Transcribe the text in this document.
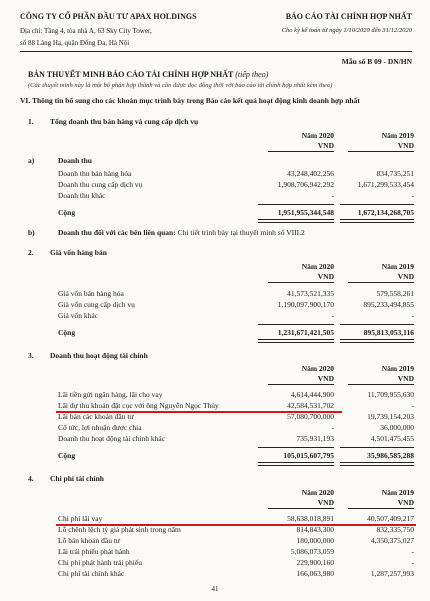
CÔNG TY CỔ PHẦN ĐẦU TƯ APAX HOLDINGS
Địa chỉ: Tầng 4, tòa nhà A, 63 Sky City Tower,
số 88 Láng Hạ, quận Đống Đa, Hà Nội
BÁO CÁO TÀI CHÍNH HỢP NHẤT
Cho kỳ kế toán từ ngày 1/10/2020 đến 31/12/2020
Mẫu số B 09 - DN/HN
BẢN THUYẾT MINH BÁO CÁO TÀI CHÍNH HỢP NHẤT (tiếp theo)
(Các thuyết minh này là một bộ phận hợp thành và cần được đọc đồng thời với báo cáo tài chính hợp nhất kèm theo)
VI. Thông tin bổ sung cho các khoản mục trình bày trong Báo cáo kết quả hoạt động kinh doanh hợp nhất
1. Tổng doanh thu bán hàng và cung cấp dịch vụ
Năm 2020	Năm 2019
VND	VND
a)	Doanh thu
Doanh thu bán hàng hóa	43,248,402,256	834,735,251
Doanh thu cung cấp dịch vụ	1,908,706,942,292	1,671,299,533,454
Doanh thu khác	-	-
Cộng	1,951,955,344,548	1,672,134,268,705
b)	Doanh thu đối với các bên liên quan: Chi tiết trình bày tại thuyết minh số VIII.2
2. Giá vốn hàng bán
Năm 2020	Năm 2019
VND	VND
Giá vốn bán hàng hóa	41,573,521,335	579,558,261
Giá vốn cung cấp dịch vụ	1,190,097,900,170	895,233,494,855
Giá vốn khác	-	-
Cộng	1,231,671,421,505	895,813,053,116
3. Doanh thu hoạt động tài chính
Năm 2020	Năm 2019
VND	VND
Lãi tiền gửi ngân hàng, lãi cho vay	4,614,444,900	11,709,955,630
Lãi dự thu khoản đặt cọc với ông Nguyễn Ngọc Thủy	42,584,531,702	-
Lãi bán các khoản đầu tư	57,080,700,000	19,739,154,203
Cổ tức, lợi nhuận được chia	-	36,000,000
Doanh thu hoạt động tài chính khác	735,931,193	4,501,475,455
Cộng	105,015,607,795	35,986,585,288
4. Chi phí tài chính
Năm 2020	Năm 2019
VND	VND
Chi phí lãi vay	58,638,018,891	40,507,409,217
Lỗ chênh lệch tỷ giá phát sinh trong năm	814,843,300	832,335,750
Lỗ bán khoản đầu tư	180,000,000	4,350,375,027
Lãi trái phiếu phát hành	5,086,073,059	-
Chi phí phát hành trái phiếu	229,900,160	-
Chi phí tài chính khác	166,063,980	1,287,257,993
41
